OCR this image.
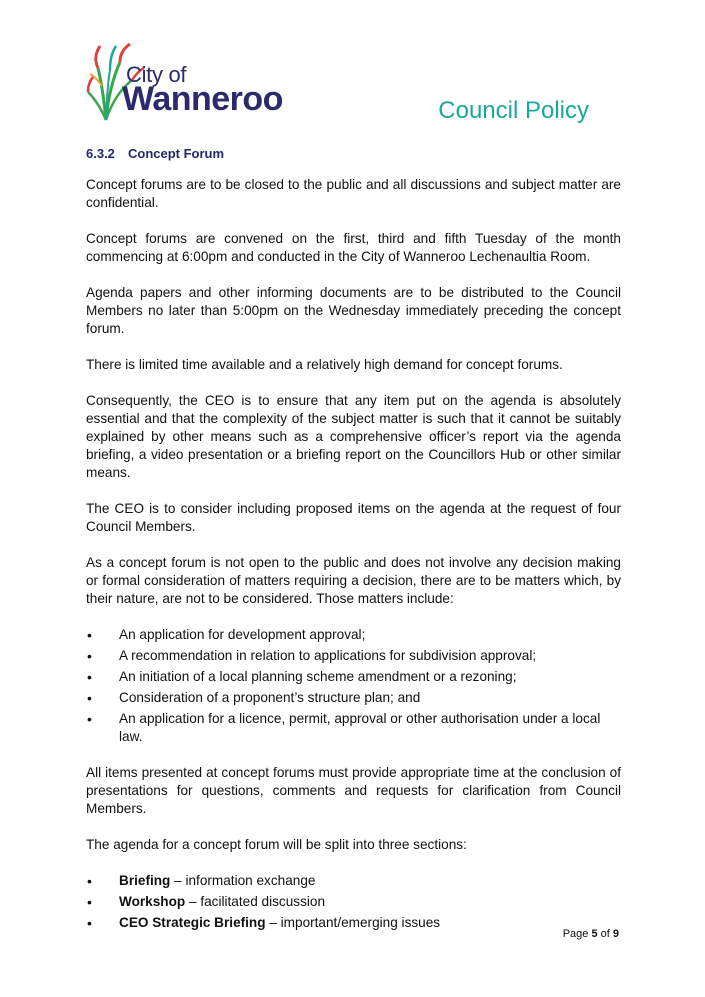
City of
Wanneroo	Council Policy
6.3.2 Concept Forum

Concept forums are to be closed to the public and all discussions and subject matter are confidential.

Concept forums are convened on the first, third and fifth Tuesday of the month commencing at 6:00pm and conducted in the City of Wanneroo Lechenaultia Room.

Agenda papers and other informing documents are to be distributed to the Council Members no later than 5:00pm on the Wednesday immediately preceding the concept forum.

There is limited time available and a relatively high demand for concept forums.

Consequently, the CEO is to ensure that any item put on the agenda is absolutely essential and that the complexity of the subject matter is such that it cannot be suitably explained by other means such as a comprehensive officer’s report via the agenda briefing, a video presentation or a briefing report on the Councillors Hub or other similar means.

The CEO is to consider including proposed items on the agenda at the request of four Council Members.

As a concept forum is not open to the public and does not involve any decision making or formal consideration of matters requiring a decision, there are to be matters which, by their nature, are not to be considered. Those matters include:

• An application for development approval;
• A recommendation in relation to applications for subdivision approval;
• An initiation of a local planning scheme amendment or a rezoning;
• Consideration of a proponent’s structure plan; and
• An application for a licence, permit, approval or other authorisation under a local law.

All items presented at concept forums must provide appropriate time at the conclusion of presentations for questions, comments and requests for clarification from Council Members.

The agenda for a concept forum will be split into three sections:

• Briefing – information exchange
• Workshop – facilitated discussion
• CEO Strategic Briefing – important/emerging issues
Page 5 of 9
